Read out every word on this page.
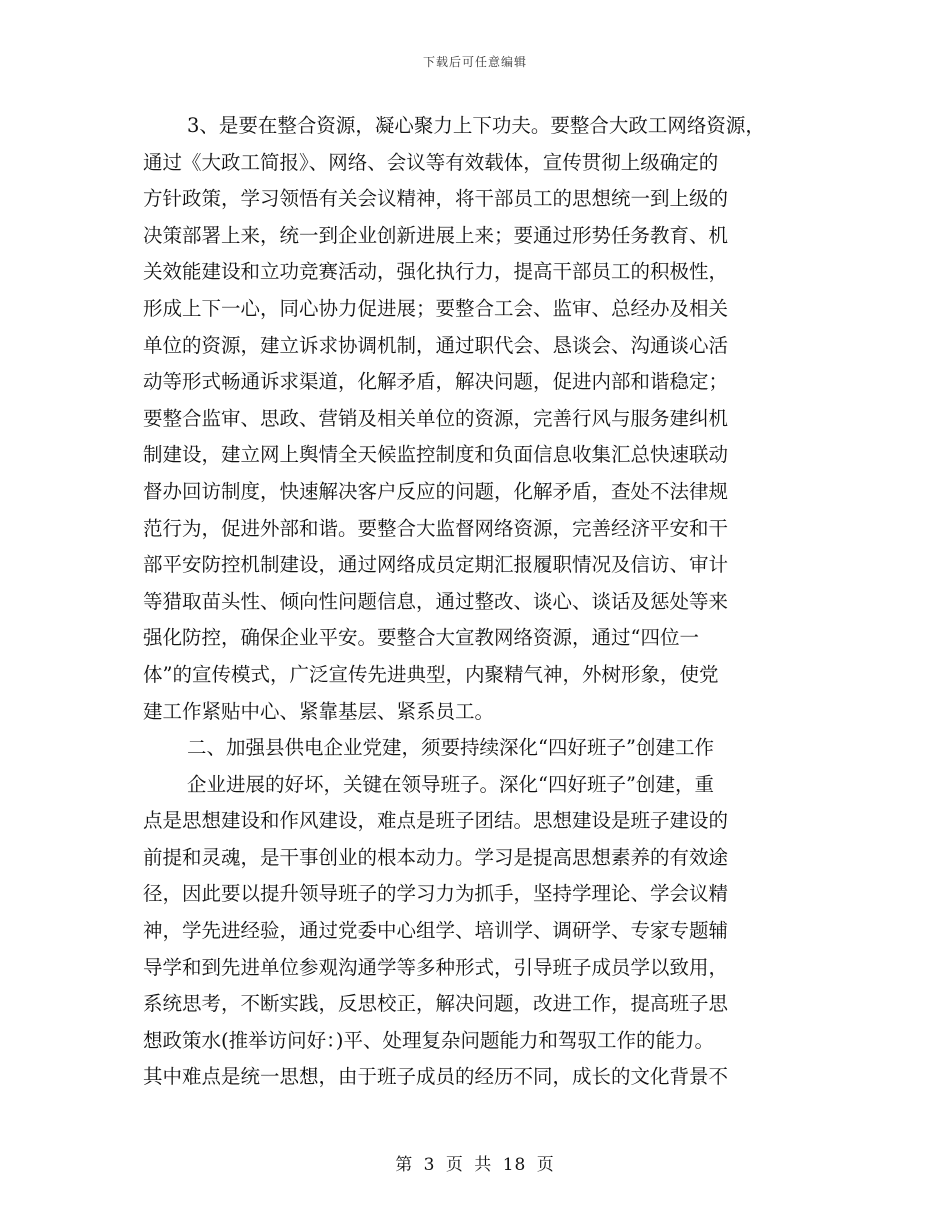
下载后可任意编辑
3、是要在整合资源，凝心聚力上下功夫。要整合大政工网络资源，
通过《大政工简报》、网络、会议等有效载体，宣传贯彻上级确定的
方针政策，学习领悟有关会议精神，将干部员工的思想统一到上级的
决策部署上来，统一到企业创新进展上来；要通过形势任务教育、机
关效能建设和立功竞赛活动，强化执行力，提高干部员工的积极性，
形成上下一心，同心协力促进展；要整合工会、监审、总经办及相关
单位的资源，建立诉求协调机制，通过职代会、恳谈会、沟通谈心活
动等形式畅通诉求渠道，化解矛盾，解决问题，促进内部和谐稳定；
要整合监审、思政、营销及相关单位的资源，完善行风与服务建纠机
制建设，建立网上舆情全天候监控制度和负面信息收集汇总快速联动
督办回访制度，快速解决客户反应的问题，化解矛盾，查处不法律规
范行为，促进外部和谐。要整合大监督网络资源，完善经济平安和干
部平安防控机制建设，通过网络成员定期汇报履职情况及信访、审计
等猎取苗头性、倾向性问题信息，通过整改、谈心、谈话及惩处等来
强化防控，确保企业平安。要整合大宣教网络资源，通过“四位一
体”的宣传模式，广泛宣传先进典型，内聚精气神，外树形象，使党
建工作紧贴中心、紧靠基层、紧系员工。
二、加强县供电企业党建，须要持续深化“四好班子”创建工作
企业进展的好坏，关键在领导班子。深化“四好班子”创建，重
点是思想建设和作风建设，难点是班子团结。思想建设是班子建设的
前提和灵魂，是干事创业的根本动力。学习是提高思想素养的有效途
径，因此要以提升领导班子的学习力为抓手，坚持学理论、学会议精
神，学先进经验，通过党委中心组学、培训学、调研学、专家专题辅
导学和到先进单位参观沟通学等多种形式，引导班子成员学以致用，
系统思考，不断实践，反思校正，解决问题，改进工作，提高班子思
想政策水(推举访问好：)平、处理复杂问题能力和驾驭工作的能力。
其中难点是统一思想，由于班子成员的经历不同，成长的文化背景不
第 3 页 共 18 页
